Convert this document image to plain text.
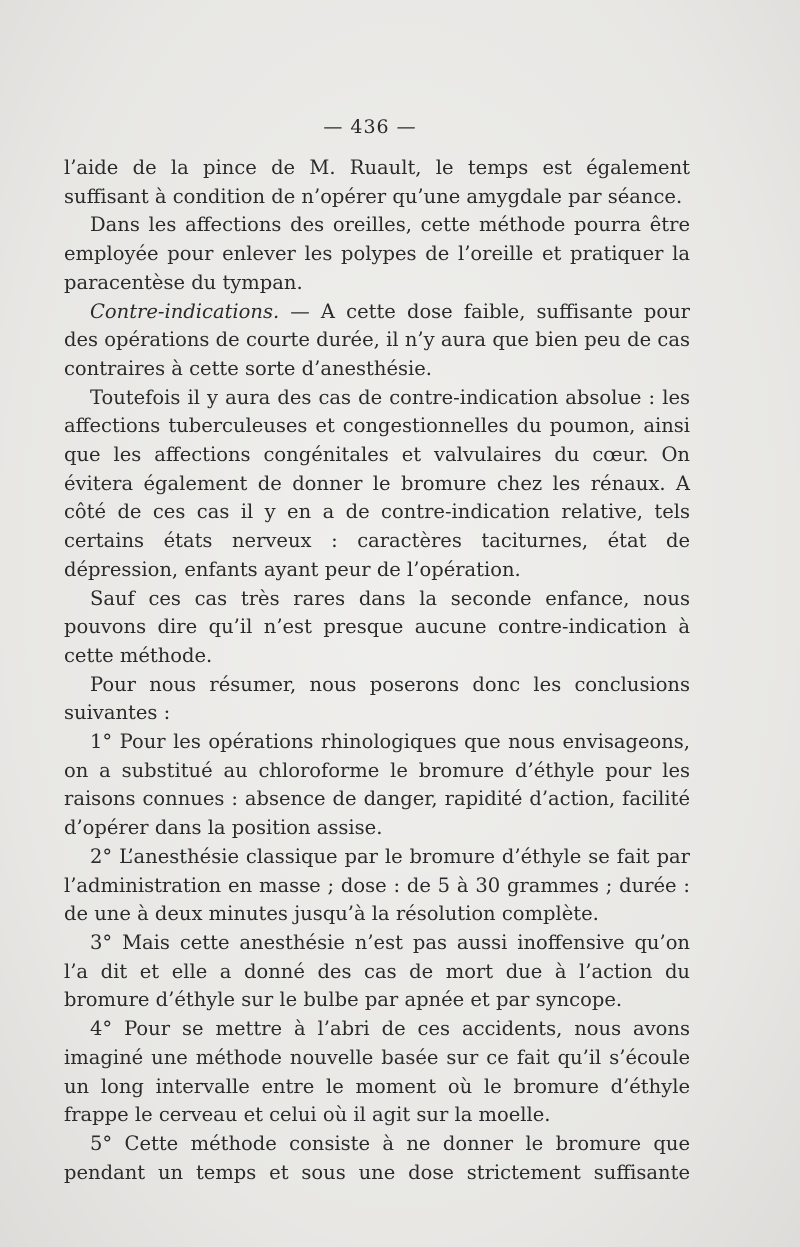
— 436 —

l’aide de la pince de M. Ruault, le temps est également suffisant à condition de n’opérer qu’une amygdale par séance.

Dans les affections des oreilles, cette méthode pourra être employée pour enlever les polypes de l’oreille et pratiquer la paracentèse du tympan.

Contre-indications. — A cette dose faible, suffisante pour des opérations de courte durée, il n’y aura que bien peu de cas contraires à cette sorte d’anesthésie.

Toutefois il y aura des cas de contre-indication absolue : les affections tuberculeuses et congestionnelles du poumon, ainsi que les affections congénitales et valvulaires du cœur. On évitera également de donner le bromure chez les rénaux. A côté de ces cas il y en a de contre-indication relative, tels certains états nerveux : caractères taciturnes, état de dépression, enfants ayant peur de l’opération.

Sauf ces cas très rares dans la seconde enfance, nous pouvons dire qu’il n’est presque aucune contre-indication à cette méthode.

Pour nous résumer, nous poserons donc les conclusions suivantes :

1° Pour les opérations rhinologiques que nous envisageons, on a substitué au chloroforme le bromure d’éthyle pour les raisons connues : absence de danger, rapidité d’action, facilité d’opérer dans la position assise.

2° L’anesthésie classique par le bromure d’éthyle se fait par l’administration en masse ; dose : de 5 à 30 grammes ; durée : de une à deux minutes jusqu’à la résolution complète.

3° Mais cette anesthésie n’est pas aussi inoffensive qu’on l’a dit et elle a donné des cas de mort due à l’action du bromure d’éthyle sur le bulbe par apnée et par syncope.

4° Pour se mettre à l’abri de ces accidents, nous avons imaginé une méthode nouvelle basée sur ce fait qu’il s’écoule un long intervalle entre le moment où le bromure d’éthyle frappe le cerveau et celui où il agit sur la moelle.

5° Cette méthode consiste à ne donner le bromure que pendant un temps et sous une dose strictement suffisante
